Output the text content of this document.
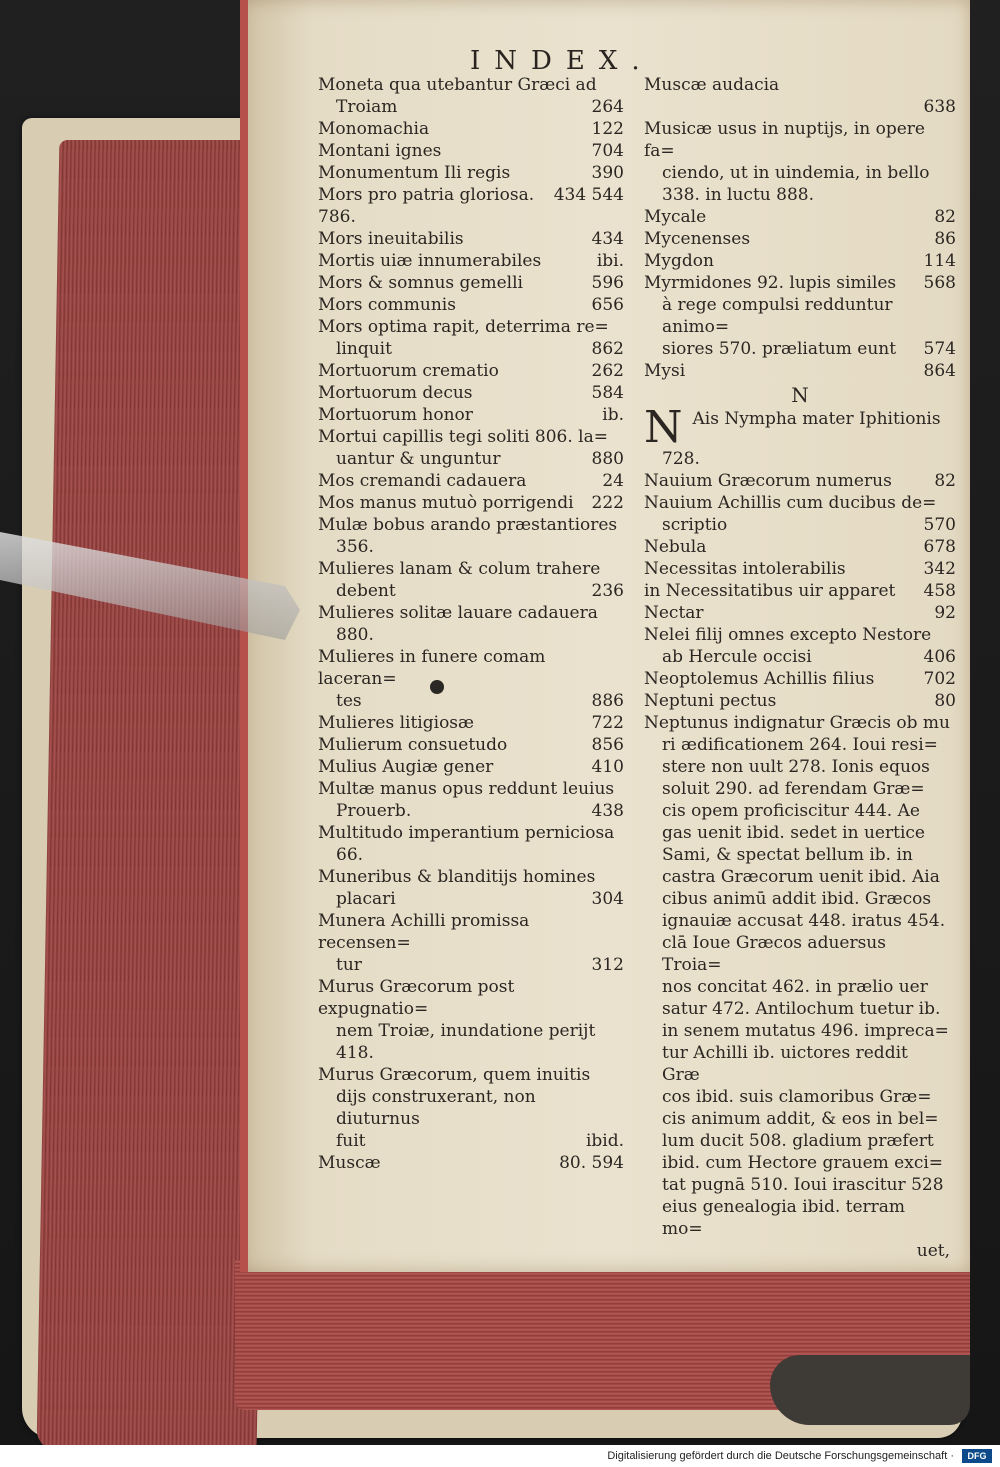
INDEX.
Moneta qua utebantur Græci ad
Troiam	264
Monomachia	122
Montani ignes	704
Monumentum Ili regis	390
Mors pro patria gloriosa.	434 544
786.
Mors ineuitabilis	434
Mortis uiæ innumerabiles	ibi.
Mors & somnus gemelli	596
Mors communis	656
Mors optima rapit, deterrima re=
linquit	862
Mortuorum crematio	262
Mortuorum decus	584
Mortuorum honor	ib.
Mortui capillis tegi soliti 806. la=
uantur & unguntur	880
Mos cremandi cadauera	24
Mos manus mutuò porrigendi	222
Mulæ bobus arando præstantiores
356.
Mulieres lanam & colum trahere
debent	236
Mulieres solitæ lauare cadauera
880.
Mulieres in funere comam laceran=
tes	886
Mulieres litigiosæ	722
Mulierum consuetudo	856
Mulius Augiæ gener	410
Multæ manus opus reddunt leuius
Prouerb.	438
Multitudo imperantium perniciosa
66.
Muneribus & blanditijs homines
placari	304
Munera Achilli promissa recensen=
tur	312
Murus Græcorum post expugnatio=
nem Troiæ, inundatione perijt
418.
Murus Græcorum, quem inuitis
dijs construxerant, non diuturnus
fuit	ibid.
Muscæ	80. 594
Muscæ audacia
638
Musicæ usus in nuptijs, in opere fa=
ciendo, ut in uindemia, in bello
338. in luctu 888.
Mycale	82
Mycenenses	86
Mygdon	114
Myrmidones 92. lupis similes	568
à rege compulsi redduntur animo=
siores 570. præliatum eunt	574
Mysi	864
N
N Ais Nympha mater Iphitionis
728.
Nauium Græcorum numerus	82
Nauium Achillis cum ducibus de=
scriptio	570
Nebula	678
Necessitas intolerabilis	342
in Necessitatibus uir apparet	458
Nectar	92
Nelei filij omnes excepto Nestore
ab Hercule occisi	406
Neoptolemus Achillis filius	702
Neptuni pectus	80
Neptunus indignatur Græcis ob mu
ri ædificationem 264. Ioui resi=
stere non uult 278. Ionis equos
soluit 290. ad ferendam Græ=
cis opem proficiscitur 444. Ae
gas uenit ibid. sedet in uertice
Sami, & spectat bellum ib. in
castra Græcorum uenit ibid. Aia
cibus animū addit ibid. Græcos
ignauiæ accusat 448. iratus 454.
clā Ioue Græcos aduersus Troia=
nos concitat 462. in prælio uer
satur 472. Antilochum tuetur ib.
in senem mutatus 496. impreca=
tur Achilli ib. uictores reddit Græ
cos ibid. suis clamoribus Græ=
cis animum addit, & eos in bel=
lum ducit 508. gladium præfert
ibid. cum Hectore grauem exci=
tat pugnā 510. Ioui irascitur 528
eius genealogia ibid. terram mo=
uet,
Digitalisierung gefördert durch die Deutsche Forschungsgemeinschaft ·	DFG
